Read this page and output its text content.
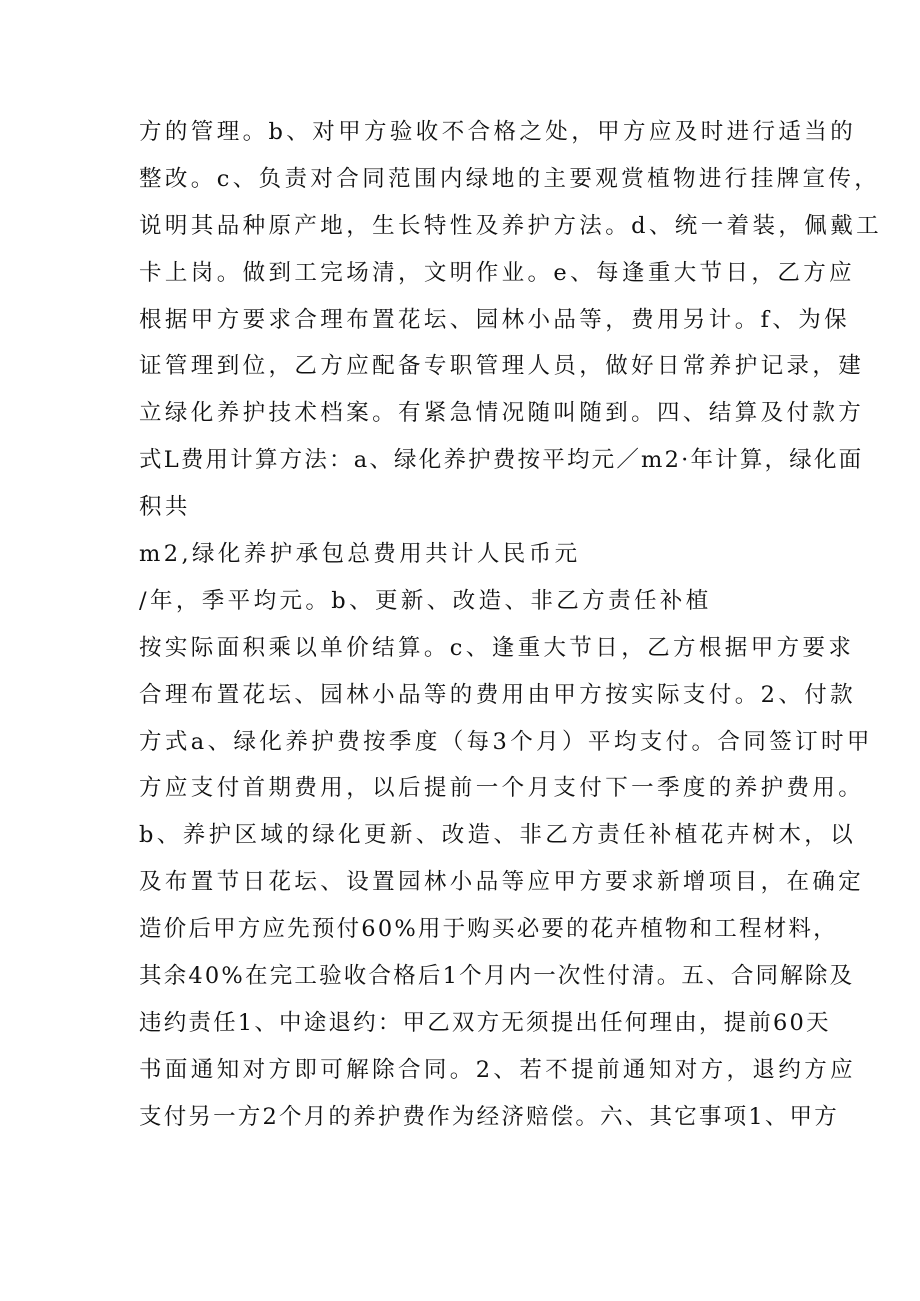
方的管理。b、对甲方验收不合格之处，甲方应及时进行适当的
整改。c、负责对合同范围内绿地的主要观赏植物进行挂牌宣传，
说明其品种原产地，生长特性及养护方法。d、统一着装，佩戴工
卡上岗。做到工完场清，文明作业。e、每逢重大节日，乙方应
根据甲方要求合理布置花坛、园林小品等，费用另计。f、为保
证管理到位，乙方应配备专职管理人员，做好日常养护记录，建
立绿化养护技术档案。有紧急情况随叫随到。四、结算及付款方
式L费用计算方法：a、绿化养护费按平均元／m2·年计算，绿化面
积共
m2,绿化养护承包总费用共计人民币元
/年，季平均元。b、更新、改造、非乙方责任补植
按实际面积乘以单价结算。c、逢重大节日，乙方根据甲方要求
合理布置花坛、园林小品等的费用由甲方按实际支付。2、付款
方式a、绿化养护费按季度（每3个月）平均支付。合同签订时甲
方应支付首期费用，以后提前一个月支付下一季度的养护费用。
b、养护区域的绿化更新、改造、非乙方责任补植花卉树木，以
及布置节日花坛、设置园林小品等应甲方要求新增项目，在确定
造价后甲方应先预付60%用于购买必要的花卉植物和工程材料，
其余40%在完工验收合格后1个月内一次性付清。五、合同解除及
违约责任1、中途退约：甲乙双方无须提出任何理由，提前60天
书面通知对方即可解除合同。2、若不提前通知对方，退约方应
支付另一方2个月的养护费作为经济赔偿。六、其它事项1、甲方
